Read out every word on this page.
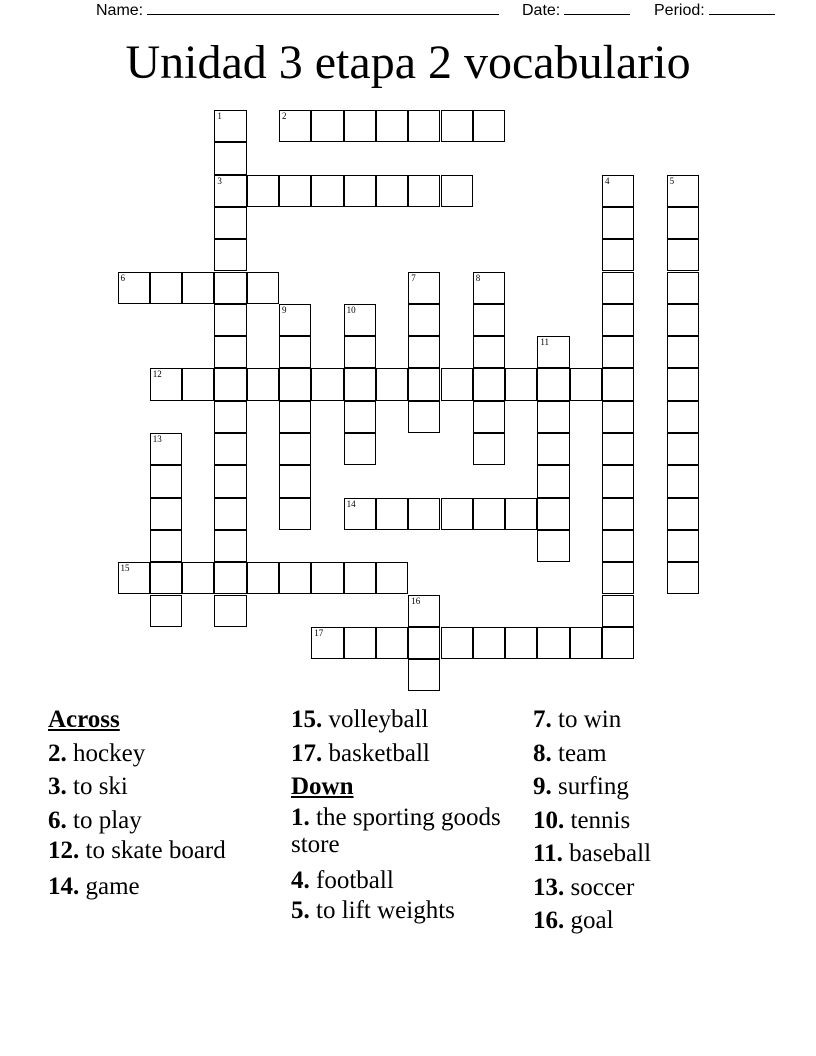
Name:	Date:	Period:
Unidad 3 etapa 2 vocabulario
1	2
3	4	5
6	7	8
9	10
11
12
13
14
15
16
17
Across
2. hockey
3. to ski
6. to play
12. to skate board
14. game
15. volleyball
17. basketball
Down
1. the sporting goods store
4. football
5. to lift weights
7. to win
8. team
9. surfing
10. tennis
11. baseball
13. soccer
16. goal
